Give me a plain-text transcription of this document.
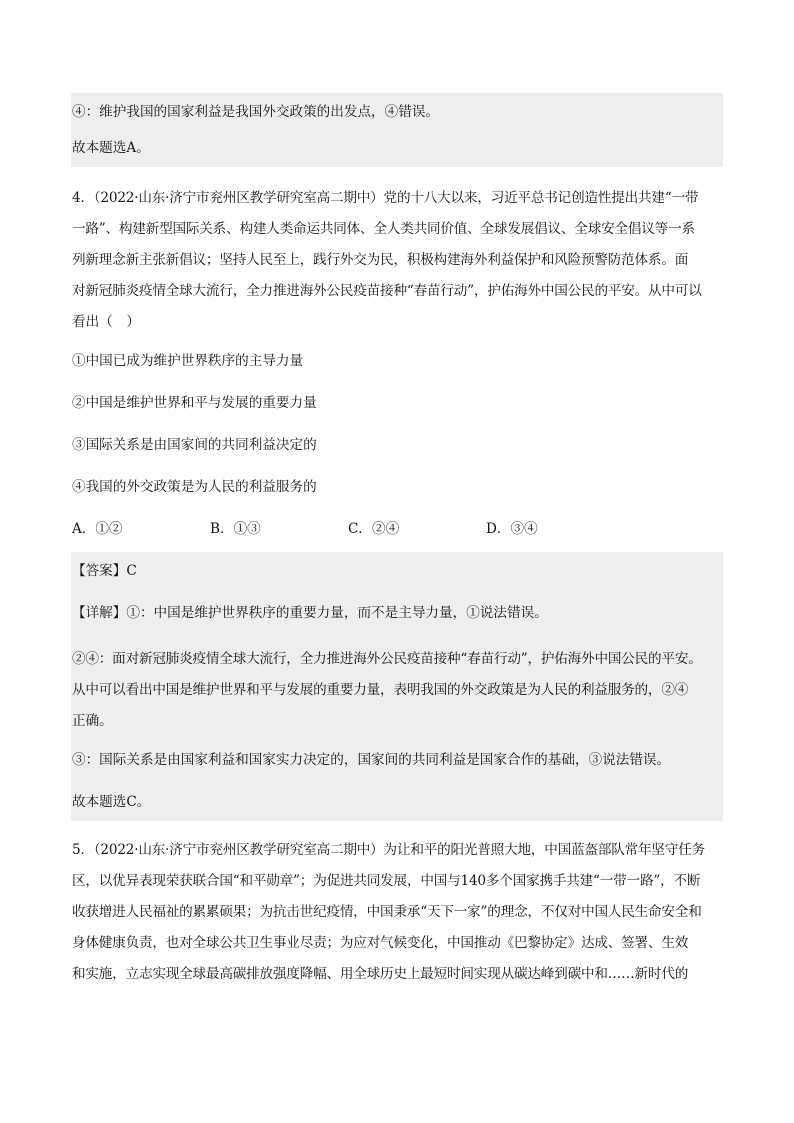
④：维护我国的国家利益是我国外交政策的出发点，④错误。
故本题选A。
4．（2022·山东·济宁市兖州区教学研究室高二期中）党的十八大以来，习近平总书记创造性提出共建“一带
一路”、构建新型国际关系、构建人类命运共同体、全人类共同价值、全球发展倡议、全球安全倡议等一系
列新理念新主张新倡议；坚持人民至上，践行外交为民，积极构建海外利益保护和风险预警防范体系。面
对新冠肺炎疫情全球大流行，全力推进海外公民疫苗接种“春苗行动”，护佑海外中国公民的平安。从中可以
看出（　）
①中国已成为维护世界秩序的主导力量
②中国是维护世界和平与发展的重要力量
③国际关系是由国家间的共同利益决定的
④我国的外交政策是为人民的利益服务的
A．①②	B．①③	C．②④	D．③④
【答案】C
【详解】①：中国是维护世界秩序的重要力量，而不是主导力量，①说法错误。
②④：面对新冠肺炎疫情全球大流行，全力推进海外公民疫苗接种“春苗行动”，护佑海外中国公民的平安。
从中可以看出中国是维护世界和平与发展的重要力量，表明我国的外交政策是为人民的利益服务的，②④
正确。
③：国际关系是由国家利益和国家实力决定的，国家间的共同利益是国家合作的基础，③说法错误。
故本题选C。
5．（2022·山东·济宁市兖州区教学研究室高二期中）为让和平的阳光普照大地，中国蓝盔部队常年坚守任务
区，以优异表现荣获联合国“和平勋章”；为促进共同发展，中国与140多个国家携手共建“一带一路”，不断
收获增进人民福祉的累累硕果；为抗击世纪疫情，中国秉承“天下一家”的理念，不仅对中国人民生命安全和
身体健康负责，也对全球公共卫生事业尽责；为应对气候变化，中国推动《巴黎协定》达成、签署、生效
和实施，立志实现全球最高碳排放强度降幅、用全球历史上最短时间实现从碳达峰到碳中和……新时代的
